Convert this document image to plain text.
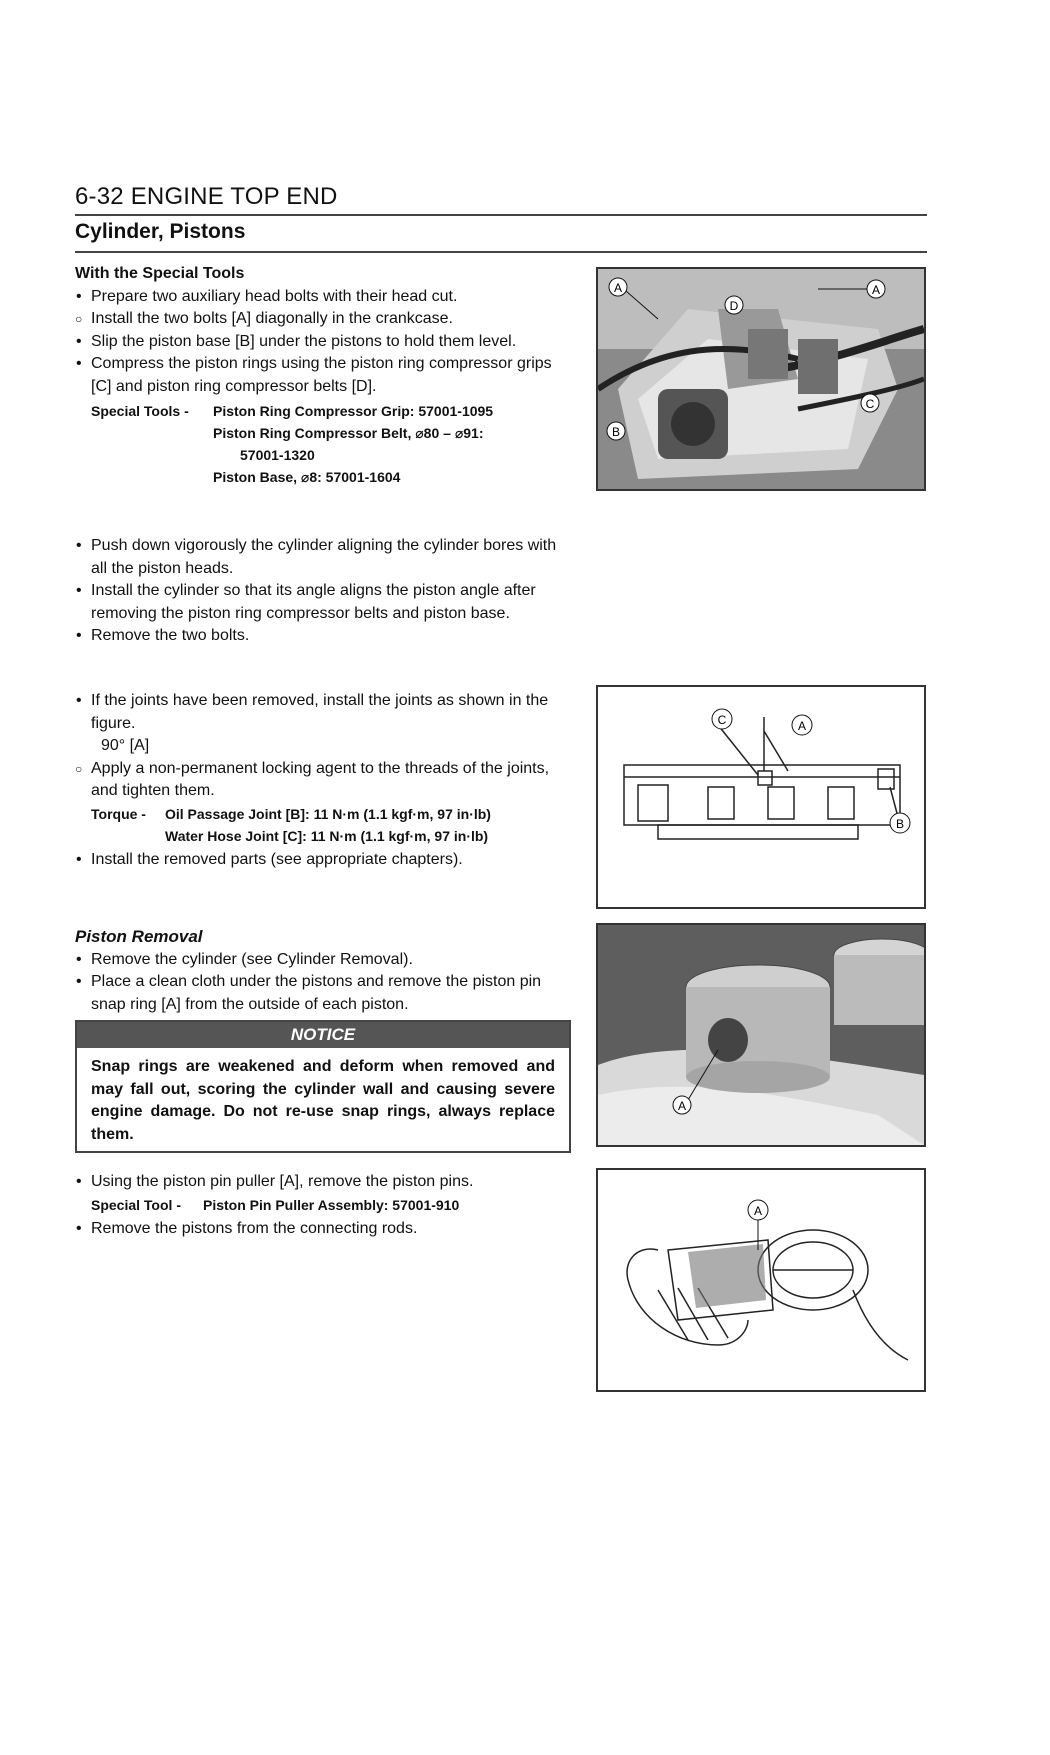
6-32 ENGINE TOP END
Cylinder, Pistons

With the Special Tools

• Prepare two auxiliary head bolts with their head cut.

○ Install the two bolts [A] diagonally in the crankcase.

• Slip the piston base [B] under the pistons to hold them level.

• Compress the piston rings using the piston ring compressor grips [C] and piston ring compressor belts [D].

Special Tools - Piston Ring Compressor Grip: 57001-1095
Piston Ring Compressor Belt, ⌀80 – ⌀91:
57001-1320
Piston Base, ⌀8: 57001-1604

• Push down vigorously the cylinder aligning the cylinder bores with all the piston heads.

• Install the cylinder so that its angle aligns the piston angle after removing the piston ring compressor belts and piston base.

• Remove the two bolts.

• If the joints have been removed, install the joints as shown in the figure.

90° [A]

○ Apply a non-permanent locking agent to the threads of the joints, and tighten them.

Torque - Oil Passage Joint [B]: 11 N·m (1.1 kgf·m, 97 in·lb)
Water Hose Joint [C]: 11 N·m (1.1 kgf·m, 97 in·lb)

• Install the removed parts (see appropriate chapters).

Piston Removal

• Remove the cylinder (see Cylinder Removal).

• Place a clean cloth under the pistons and remove the piston pin snap ring [A] from the outside of each piston.

NOTICE
Snap rings are weakened and deform when removed and may fall out, scoring the cylinder wall and causing severe engine damage. Do not re-use snap rings, always replace them.

• Using the piston pin puller [A], remove the piston pins.

Special Tool - Piston Pin Puller Assembly: 57001-910

• Remove the pistons from the connecting rods.

A
D
A
B
C
C	A
B
A
A
